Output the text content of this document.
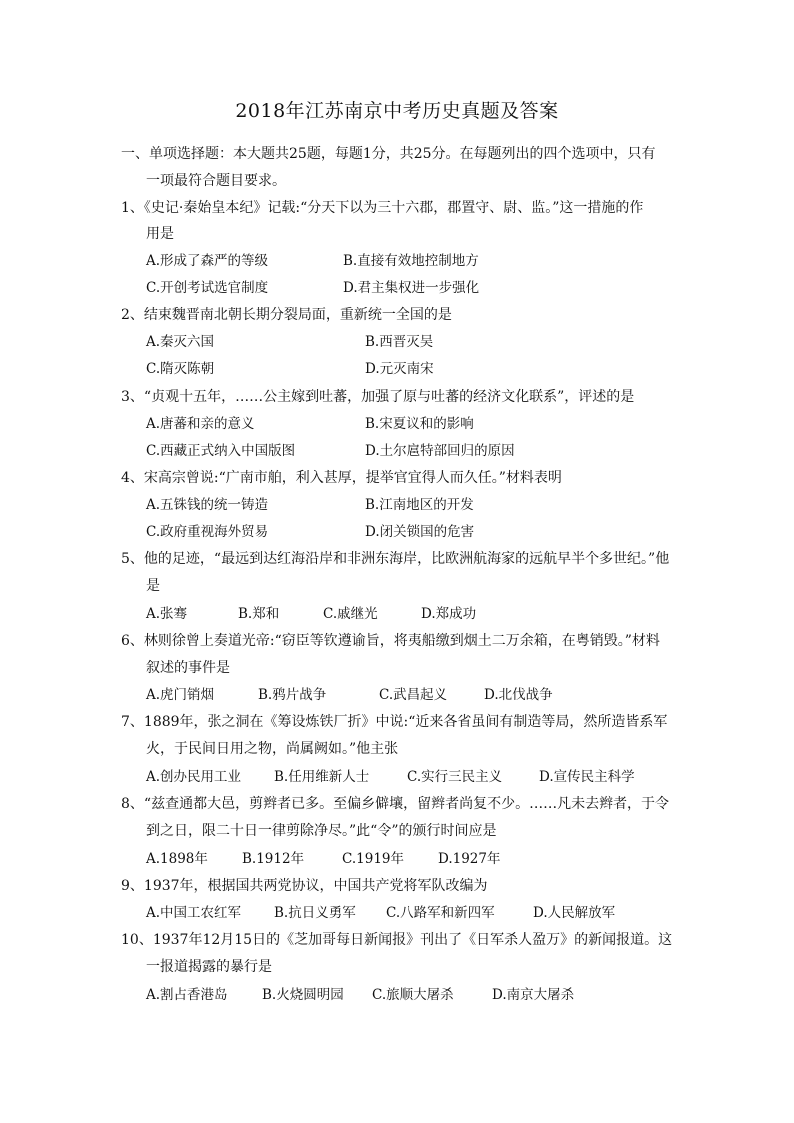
2018年江苏南京中考历史真题及答案
一、单项选择题：本大题共25题，每题1分，共25分。在每题列出的四个选项中，只有
一项最符合题目要求。
1、《史记·秦始皇本纪》记载:“分天下以为三十六郡，郡置守、尉、监。”这一措施的作
用是
A.形成了森严的等级	B.直接有效地控制地方
C.开创考试选官制度	D.君主集权进一步强化
2、结束魏晋南北朝长期分裂局面，重新统一全国的是
A.秦灭六国	B.西晋灭吴
C.隋灭陈朝	D.元灭南宋
3、“贞观十五年，……公主嫁到吐蕃，加强了原与吐蕃的经济文化联系”，评述的是
A.唐蕃和亲的意义	B.宋夏议和的影响
C.西藏正式纳入中国版图	D.土尔扈特部回归的原因
4、宋高宗曾说:“广南市舶，利入甚厚，提举官宜得人而久任。”材料表明
A.五铢钱的统一铸造	B.江南地区的开发
C.政府重视海外贸易	D.闭关锁国的危害
5、他的足迹，“最远到达红海沿岸和非洲东海岸，比欧洲航海家的远航早半个多世纪。”他
是
A.张骞	B.郑和	C.戚继光	D.郑成功
6、林则徐曾上奏道光帝:“窃臣等钦遵谕旨，将夷船缴到烟土二万余箱，在粤销毁。”材料
叙述的事件是
A.虎门销烟	B.鸦片战争	C.武昌起义	D.北伐战争
7、1889年，张之洞在《筹设炼铁厂折》中说:“近来各省虽间有制造等局，然所造皆系军
火，于民间日用之物，尚属阙如。”他主张
A.创办民用工业 B.任用维新人士	C.实行三民主义	D.宣传民主科学
8、“兹查通都大邑，剪辫者已多。至偏乡僻壤，留辫者尚复不少。……凡未去辫者，于令
到之日，限二十日一律剪除净尽。”此“令”的颁行时间应是
A.1898年	B.1912年	C.1919年	D.1927年
9、1937年，根据国共两党协议，中国共产党将军队改编为
A.中国工农红军 B.抗日义勇军 C.八路军和新四军	D.人民解放军
10、1937年12月15日的《芝加哥每日新闻报》刊出了《日军杀人盈万》的新闻报道。这
一报道揭露的暴行是
A.割占香港岛	B.火烧圆明园 C.旅顺大屠杀	D.南京大屠杀
